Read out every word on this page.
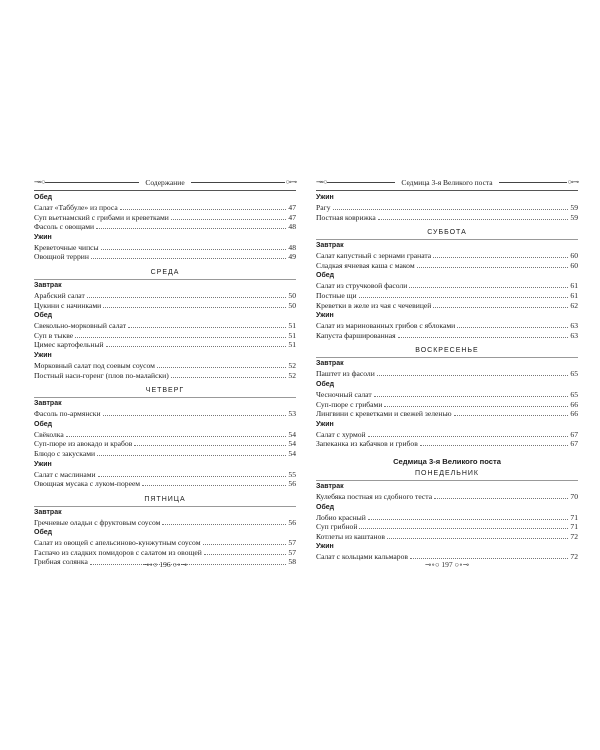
⊸∘○	Содержание	○∘⊸
Обед
Салат «Таббуле» из проса	47
Суп вьетнамский с грибами и креветками	47
Фасоль с овощами	48
Ужин
Креветочные чипсы	48
Овощной террин	49
СРЕДА
Завтрак
Арабский салат	50
Цукини с начинками	50
Обед
Свекольно-морковный салат	51
Суп в тыкве	51
Цимес картофельный	51
Ужин
Морковный салат под соевым соусом	52
Постный наси-горенг (плов по-малайски)	52
ЧЕТВЕРГ
Завтрак
Фасоль по-армянски	53
Обед
Свёколка	54
Суп-пюре из авокадо и крабов	54
Блюдо с закусками	54
Ужин
Салат с маслинами	55
Овощная мусака с луком-пореем	56
ПЯТНИЦА
Завтрак
Гречневые оладьи с фруктовым соусом	56
Обед
Салат из овощей с апельсиново-кунжутным соусом	57
Гаспачо из сладких помидоров с салатом из овощей	57
Грибная солянка	58
⊸∘○	Седмица 3-я Великого поста	○∘⊸
Ужин
Рагу	59
Постная коврижка	59
СУББОТА
Завтрак
Салат капустный с зернами граната	60
Сладкая ячневая каша с маком	60
Обед
Салат из стручковой фасоли	61
Постные щи	61
Креветки в желе из чая с чечевицей	62
Ужин
Салат из маринованных грибов с яблоками	63
Капуста фаршированная	63
ВОСКРЕСЕНЬЕ
Завтрак
Паштет из фасоли	65
Обед
Чесночный салат	65
Суп-пюре с грибами	66
Лингвини с креветками и свежей зеленью	66
Ужин
Салат с хурмой	67
Запеканка из кабачков и грибов	67
Седмица 3-я Великого поста
ПОНЕДЕЛЬНИК
Завтрак
Кулебяка постная из сдобного теста	70
Обед
Лобио красный	71
Суп грибной	71
Котлеты из каштанов	72
Ужин
Салат с кольцами кальмаров	72
⊸∘○ 196 ○∘⊸	⊸∘○ 197 ○∘⊸
